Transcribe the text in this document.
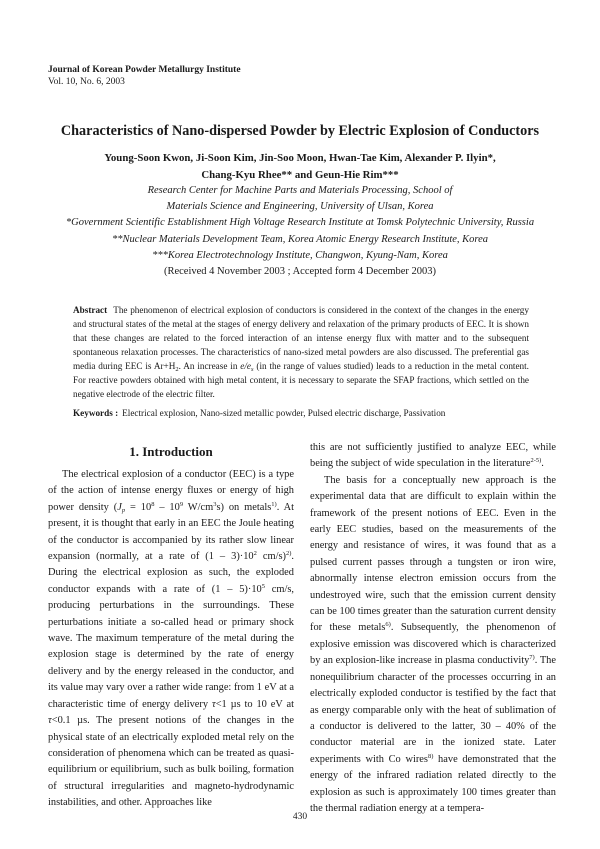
Journal of Korean Powder Metallurgy Institute
Vol. 10, No. 6, 2003
Characteristics of Nano-dispersed Powder by Electric Explosion of Conductors
Young-Soon Kwon, Ji-Soon Kim, Jin-Soo Moon, Hwan-Tae Kim, Alexander P. Ilyin*,
Chang-Kyu Rhee** and Geun-Hie Rim***
Research Center for Machine Parts and Materials Processing, School of
Materials Science and Engineering, University of Ulsan, Korea
*Government Scientific Establishment High Voltage Research Institute at Tomsk Polytechnic University, Russia
**Nuclear Materials Development Team, Korea Atomic Energy Research Institute, Korea
***Korea Electrotechnology Institute, Changwon, Kyung-Nam, Korea
(Received 4 November 2003 ; Accepted form 4 December 2003)
Abstract The phenomenon of electrical explosion of conductors is considered in the context of the changes in the energy and structural states of the metal at the stages of energy delivery and relaxation of the primary products of EEC. It is shown that these changes are related to the forced interaction of an intense energy flux with matter and to the subsequent spontaneous relaxation processes. The characteristics of nano-sized metal powders are also discussed. The preferential gas media during EEC is $Ar+H_2$. An increase in $e/e_s$ (in the range of values studied) leads to a reduction in the metal content. For reactive powders obtained with high metal content, it is necessary to separate the SFAP fractions, which settled on the negative electrode of the electric filter.
Keywords : Electrical explosion, Nano-sized metallic powder, Pulsed electric discharge, Passivation
1. Introduction

The electrical explosion of a conductor (EEC) is a type of the action of intense energy fluxes or energy of high power density ($J_p = 10^8 - 10^9$ $W/cm^3s$) on metals$^{1)}$. At present, it is thought that early in an EEC the Joule heating of the conductor is accompanied by its rather slow linear expansion (normally, at a rate of $(1 - 3)\cdot 10^2$ cm/s)$^{2)}$. During the electrical explosion as such, the exploded conductor expands with a rate of $(1 - 5)\cdot 10^5$ cm/s, producing perturbations in the surroundings. These perturbations initiate a so-called head or primary shock wave. The maximum temperature of the metal during the explosion stage is determined by the rate of energy delivery and by the energy released in the conductor, and its value may vary over a rather wide range: from 1 eV at a characteristic time of energy delivery τ<1 µs to 10 eV at τ<0.1 µs. The present notions of the changes in the physical state of an electrically exploded metal rely on the consideration of phenomena which can be treated as quasi-equilibrium or equilibrium, such as bulk boiling, formation of structural irregularities and magneto-hydrodynamic instabilities, and other. Approaches like

this are not sufficiently justified to analyze EEC, while being the subject of wide speculation in the literature$^{2-5)}$.

The basis for a conceptually new approach is the experimental data that are difficult to explain within the framework of the present notions of EEC. Even in the early EEC studies, based on the measurements of the energy and resistance of wires, it was found that as a pulsed current passes through a tungsten or iron wire, abnormally intense electron emission occurs from the undestroyed wire, such that the emission current density can be 100 times greater than the saturation current density for these metals$^{6)}$. Subsequently, the phenomenon of explosive emission was discovered which is characterized by an explosion-like increase in plasma conductivity$^{7)}$. The nonequilibrium character of the processes occurring in an electrically exploded conductor is testified by the fact that as energy comparable only with the heat of sublimation of a conductor is delivered to the latter, 30 – 40% of the conductor material are in the ionized state. Later experiments with Co wires$^{8)}$ have demonstrated that the energy of the infrared radiation related directly to the explosion as such is approximately 100 times greater than the thermal radiation energy at a tempera-

430
